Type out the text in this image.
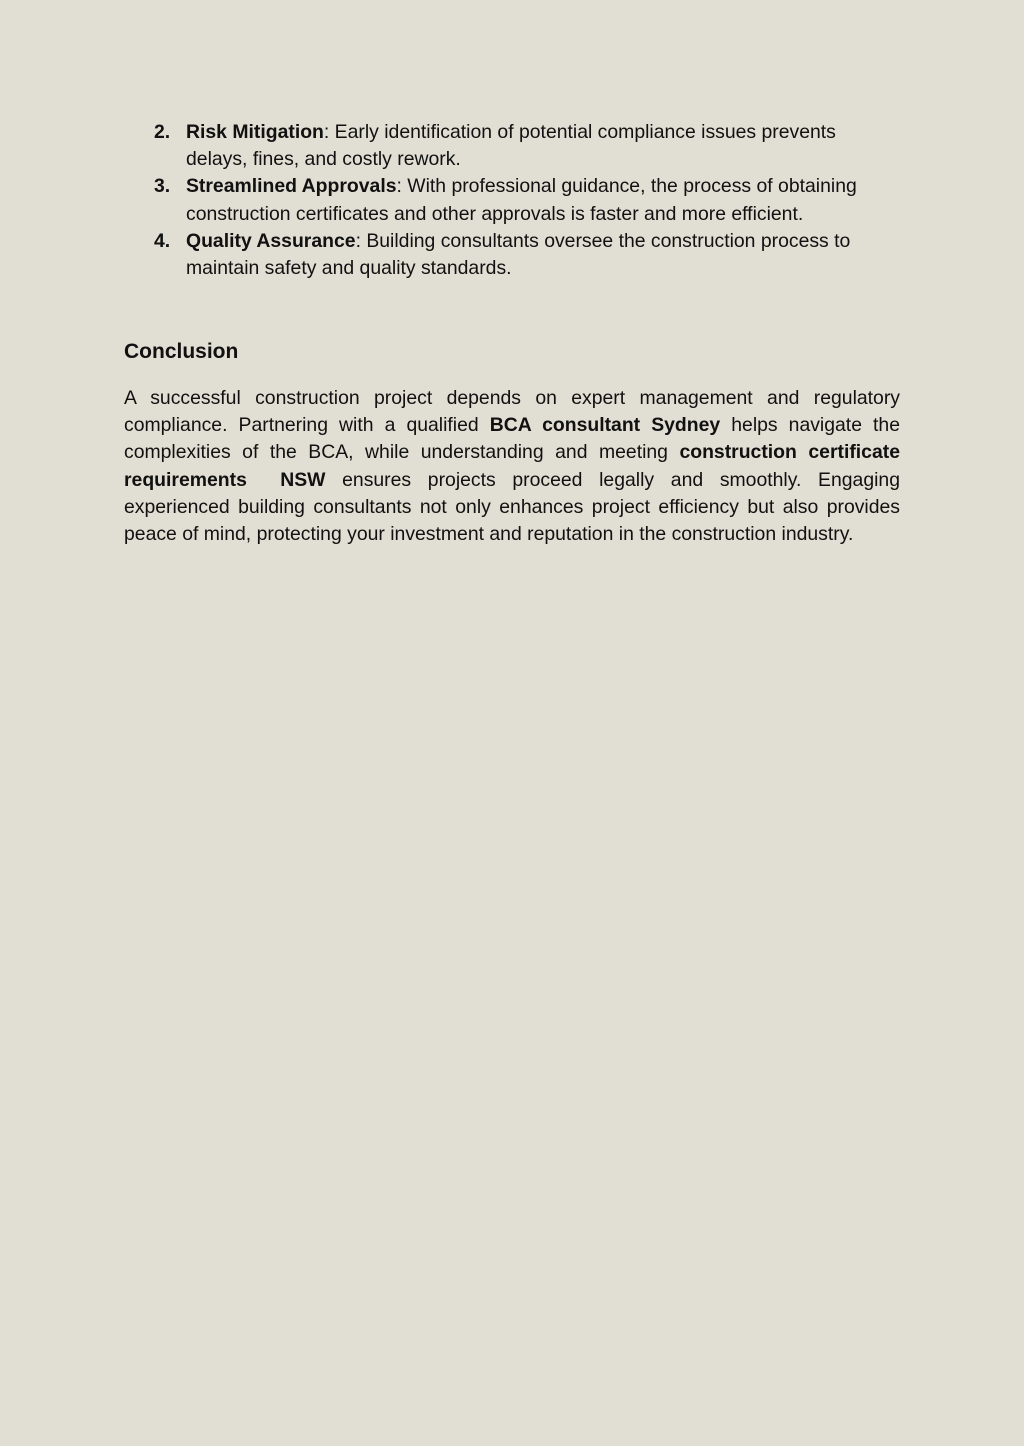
2. Risk Mitigation: Early identification of potential compliance issues prevents delays, fines, and costly rework.
3. Streamlined Approvals: With professional guidance, the process of obtaining construction certificates and other approvals is faster and more efficient.
4. Quality Assurance: Building consultants oversee the construction process to maintain safety and quality standards.
Conclusion

A successful construction project depends on expert management and regulatory compliance. Partnering with a qualified BCA consultant Sydney helps navigate the complexities of the BCA, while understanding and meeting construction certificate requirements  NSW ensures projects proceed legally and smoothly. Engaging experienced building consultants not only enhances project efficiency but also provides peace of mind, protecting your investment and reputation in the construction industry.
